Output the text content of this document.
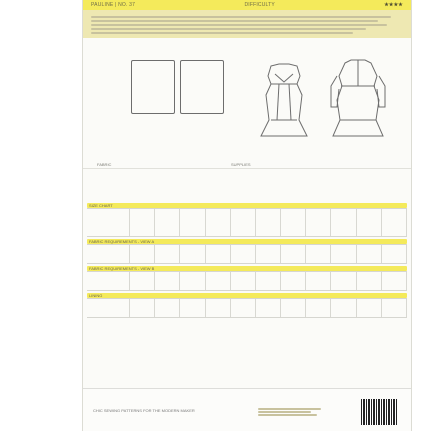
PAULINE | NO. 37	DIFFICULTY	★★★★
FABRIC	SUPPLIES
SIZE CHART
FABRIC REQUIREMENTS - VIEW A
FABRIC REQUIREMENTS - VIEW B
LINING
CHIC SEWING PATTERNS FOR THE MODERN MAKER
